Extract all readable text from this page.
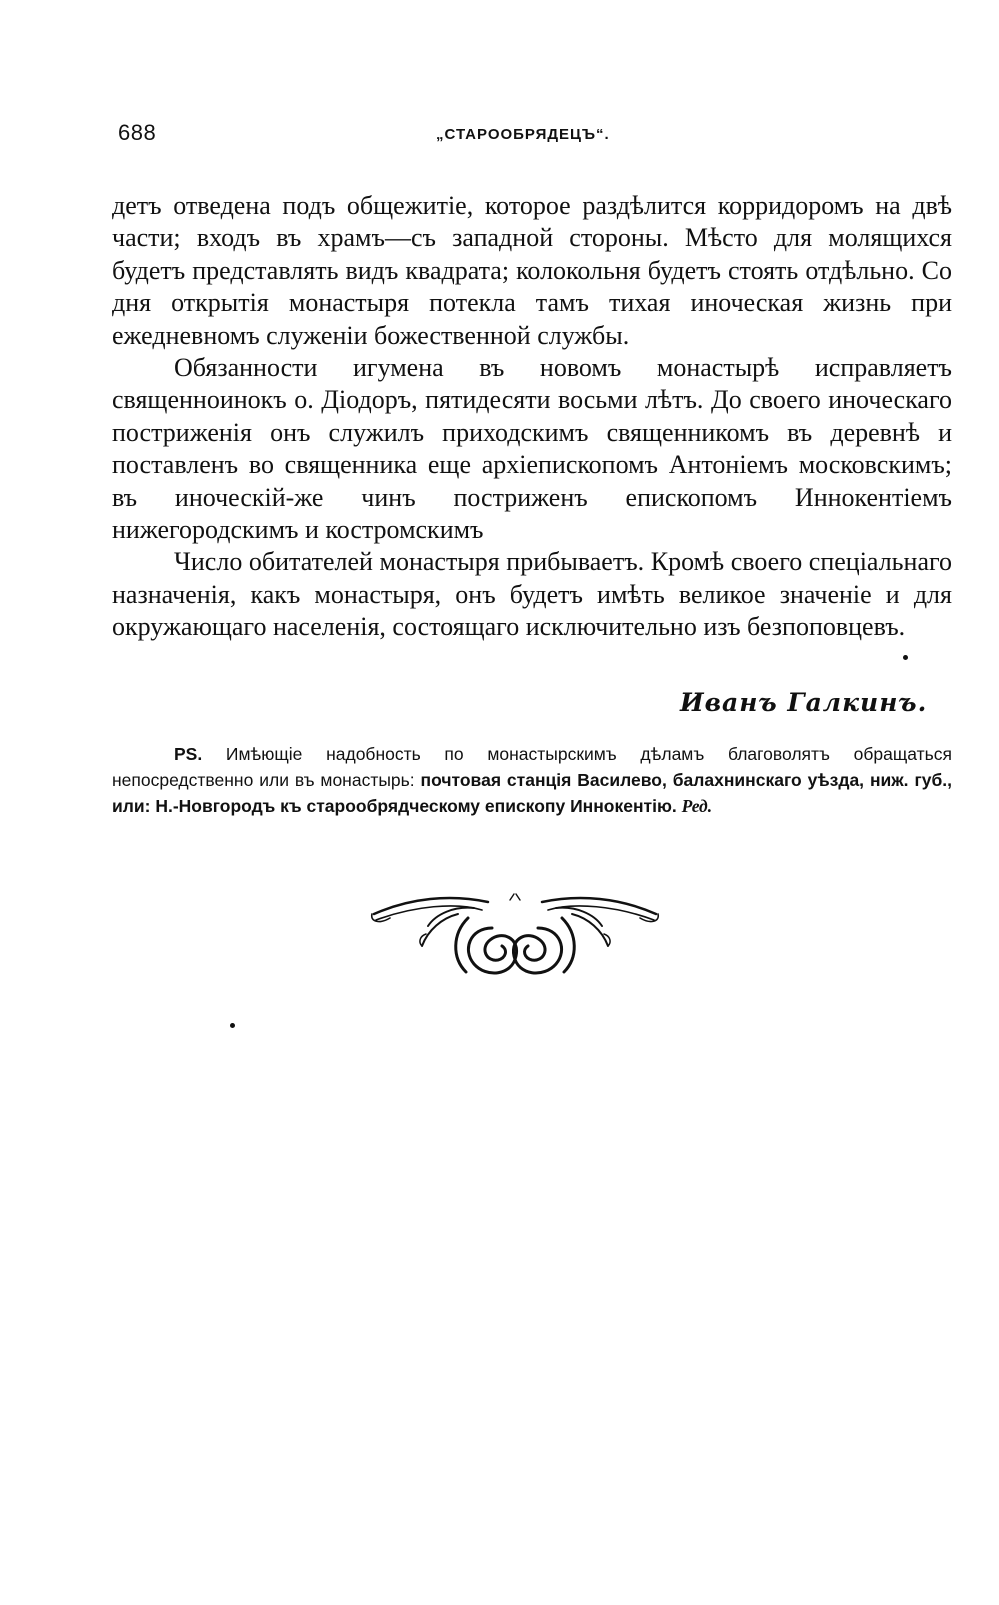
688	„СТАРООБРЯДЕЦЪ“.

детъ отведена подъ общежитіе, которое раздѣлится корридоромъ на двѣ части; входъ въ храмъ—съ западной стороны. Мѣсто для молящихся будетъ представлять видъ квадрата; колокольня будетъ стоять отдѣльно. Со дня открытія монастыря потекла тамъ тихая иноческая жизнь при ежедневномъ служеніи божественной службы.

Обязанности игумена въ новомъ монастырѣ исправляетъ священноинокъ о. Діодоръ, пятидесяти восьми лѣтъ. До своего иноческаго постриженія онъ служилъ приходскимъ священникомъ въ деревнѣ и поставленъ во священника еще архіепископомъ Антоніемъ московскимъ; въ иноческій-же чинъ постриженъ епископомъ Иннокентіемъ нижегородскимъ и костромскимъ

Число обитателей монастыря прибываетъ. Кромѣ своего спеціальнаго назначенія, какъ монастыря, онъ будетъ имѣть великое значеніе и для окружающаго населенія, состоящаго исключительно изъ безпоповцевъ.

Иванъ Галкинъ.
PS. Имѣющіе надобность по монастырскимъ дѣламъ благоволятъ обращаться непосредственно или въ монастырь: почтовая станція Василево, балахнинскаго уѣзда, ниж. губ., или: Н.-Новгородъ къ старообрядческому епископу Иннокентію. Ред.
